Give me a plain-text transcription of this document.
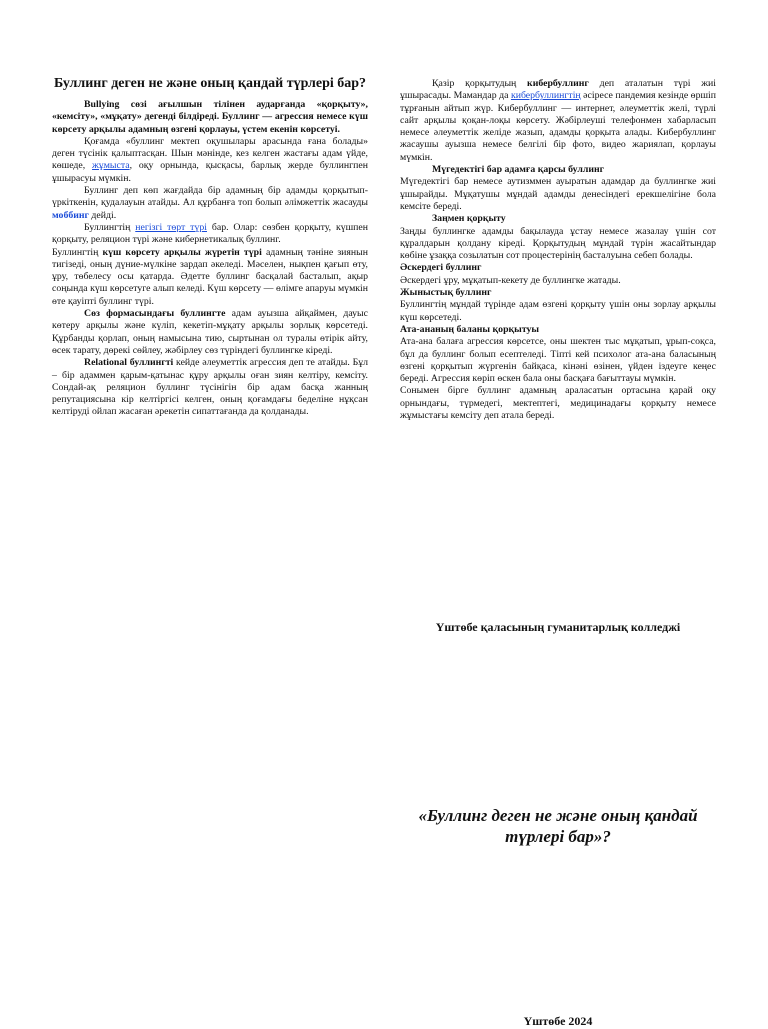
Буллинг деген не және оның қандай түрлері бар?

Bullying сөзі ағылшын тілінен аударғанда «қорқыту», «кемсіту», «мұқату» дегенді білдіреді. Буллинг — агрессия немесе күш көрсету арқылы адамның өзгені қорлауы, үстем екенін көрсетуі.

Қоғамда «буллинг мектеп оқушылары арасында ғана болады» деген түсінік қалыптасқан. Шын мәнінде, кез келген жастағы адам үйде, көшеде, жұмыста, оқу орнында, қысқасы, барлық жерде буллингпен ұшырасуы мүмкін.

Буллинг деп көп жағдайда бір адамның бір адамды қорқытып-үркіткенін, қудалауын атайды. Ал құрбанға топ болып әлімжеттік жасауды моббинг дейді.

Буллингтің негізгі төрт түрі бар. Олар: сөзбен қорқыту, күшпен қорқыту, реляцион түрі және кибернетикалық буллинг.

Буллингтің күш көрсету арқылы жүретін түрі адамның тәніне зиянын тигізеді, оның дүние-мүлкіне зардап әкеледі. Мәселен, нықпен қағып өту, ұру, төбелесу осы қатарда. Әдетте буллинг басқалай басталып, ақыр соңында күш көрсетуге алып келеді. Күш көрсету — өлімге апаруы мүмкін өте қауіпті буллинг түрі.

Сөз формасындағы буллингте адам ауызша айқаймен, дауыс көтеру арқылы және күліп, кекетіп-мұқату арқылы зорлық көрсетеді. Құрбанды қорлап, оның намысына тию, сыртынан ол туралы өтірік айту, өсек тарату, дөрекі сөйлеу, жәбірлеу сөз түріндегі буллингке кіреді.

Relational буллингті кейде әлеуметтік агрессия деп те атайды. Бұл – бір адаммен қарым-қатынас құру арқылы оған зиян келтіру, кемсіту. Сондай-ақ реляцион буллинг түсінігін бір адам басқа жанның репутациясына кір келтіргісі келген, оның қоғамдағы беделіне нұқсан келтіруді ойлап жасаған әрекетін сипаттағанда да қолданады.

Қазір қорқытудың кибербуллинг деп аталатын түрі жиі ұшырасады. Мамандар да кибербуллингтің әсіресе пандемия кезінде өршіп тұрғанын айтып жүр. Кибербуллинг — интернет, әлеуметтік желі, түрлі сайт арқылы қоқан-лоқы көрсету. Жәбірлеуші телефонмен хабарласып немесе әлеуметтік желіде жазып, адамды қорқыта алады. Кибербуллинг жасаушы ауызша немесе белгілі бір фото, видео жариялап, қорлауы мүмкін.

Мүгедектігі бар адамға қарсы буллинг

Мүгедектігі бар немесе аутизммен ауыратын адамдар да буллингке жиі ұшырайды. Мұқатушы мұндай адамды денесіндегі ерекшелігіне бола кемсіте береді.

Заңмен қорқыту

Заңды буллингке адамды бақылауда ұстау немесе жазалау үшін сот құралдарын қолдану кіреді. Қорқытудың мұндай түрін жасайтындар көбіне ұзаққа созылатын сот процестерінің басталуына себеп болады.

Әскердегі буллинг

Әскердегі ұру, мұқатып-кекету де буллингке жатады.

Жыныстық буллинг

Буллингтің мұндай түрінде адам өзгені қорқыту үшін оны зорлау арқылы күш көрсетеді.

Ата-ананың баланы қорқытуы

Ата-ана балаға агрессия көрсетсе, оны шектен тыс мұқатып, ұрып-соқса, бұл да буллинг болып есептеледі. Тіпті кей психолог ата-ана баласының өзгені қорқытып жүргенін байқаса, кінәні өзінен, үйден іздеуге кеңес береді. Агрессия көріп өскен бала оны басқаға бағыттауы мүмкін.

Сонымен бірге буллинг адамның араласатын ортасына қарай оқу орнындағы, түрмедегі, мектептегі, медицинадағы қорқыту немесе жұмыстағы кемсіту деп атала береді.

Үштөбе қаласының гуманитарлық колледжі
«Буллинг деген не және оның қандай түрлері бар»?
Үштөбе 2024
